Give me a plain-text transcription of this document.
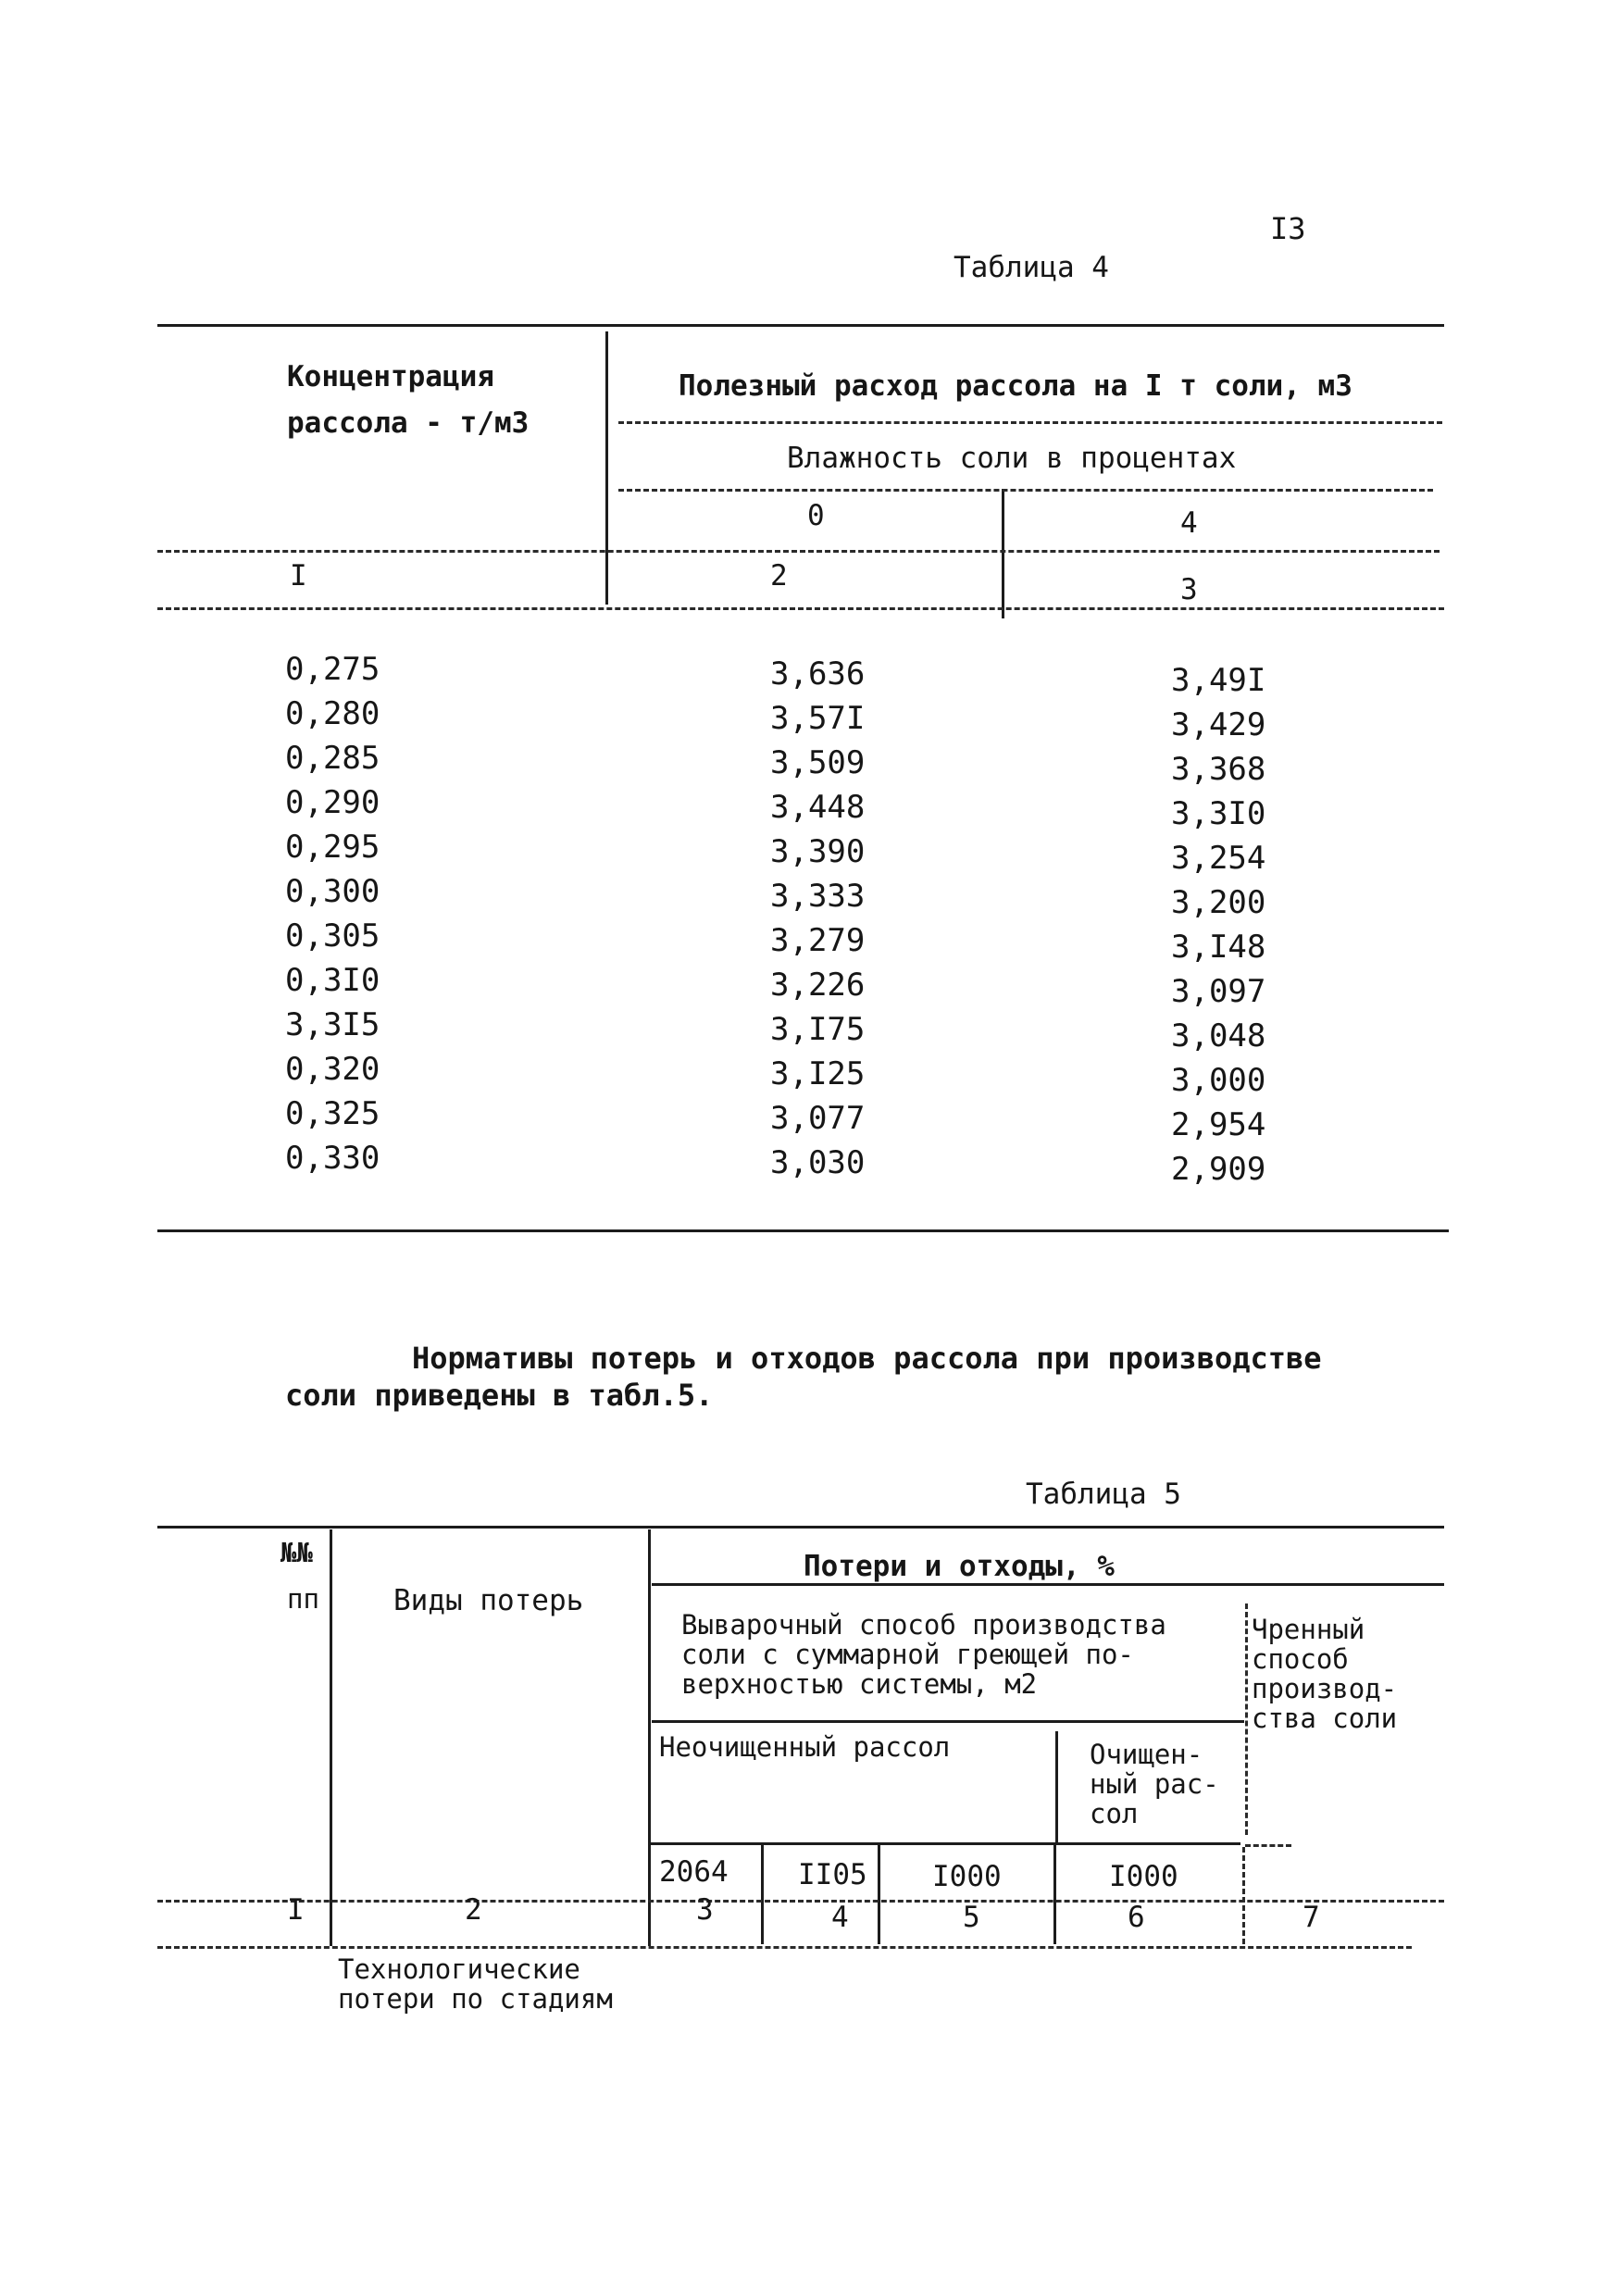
I3
Таблица 4
Концентрация
рассола - т/м3
Полезный расход рассола на I т соли, м3
Влажность соли в процентах
0	4
I	2	3
0,275	3,636	3,49I
0,280	3,57I	3,429
0,285	3,509	3,368
0,290	3,448	3,3I0
0,295	3,390	3,254
0,300	3,333	3,200
0,305	3,279	3,I48
0,3I0	3,226	3,097
3,3I5	3,I75	3,048
0,320	3,I25	3,000
0,325	3,077	2,954
0,330	3,030	2,909
Нормативы потерь и отходов рассола при производстве
соли приведены в табл.5.
Таблица 5
№№
пп	Виды потерь
Потери и отходы, %
Выварочный способ производства
соли с суммарной греющей по-
верхностью системы, м2
Чренный
способ
производ-
ства соли
Неочищенный рассол	Очищен-
ный рас-
сол
2064 II05 I000	I000
I	2	3	4	5	6	7
Технологические
потери по стадиям
